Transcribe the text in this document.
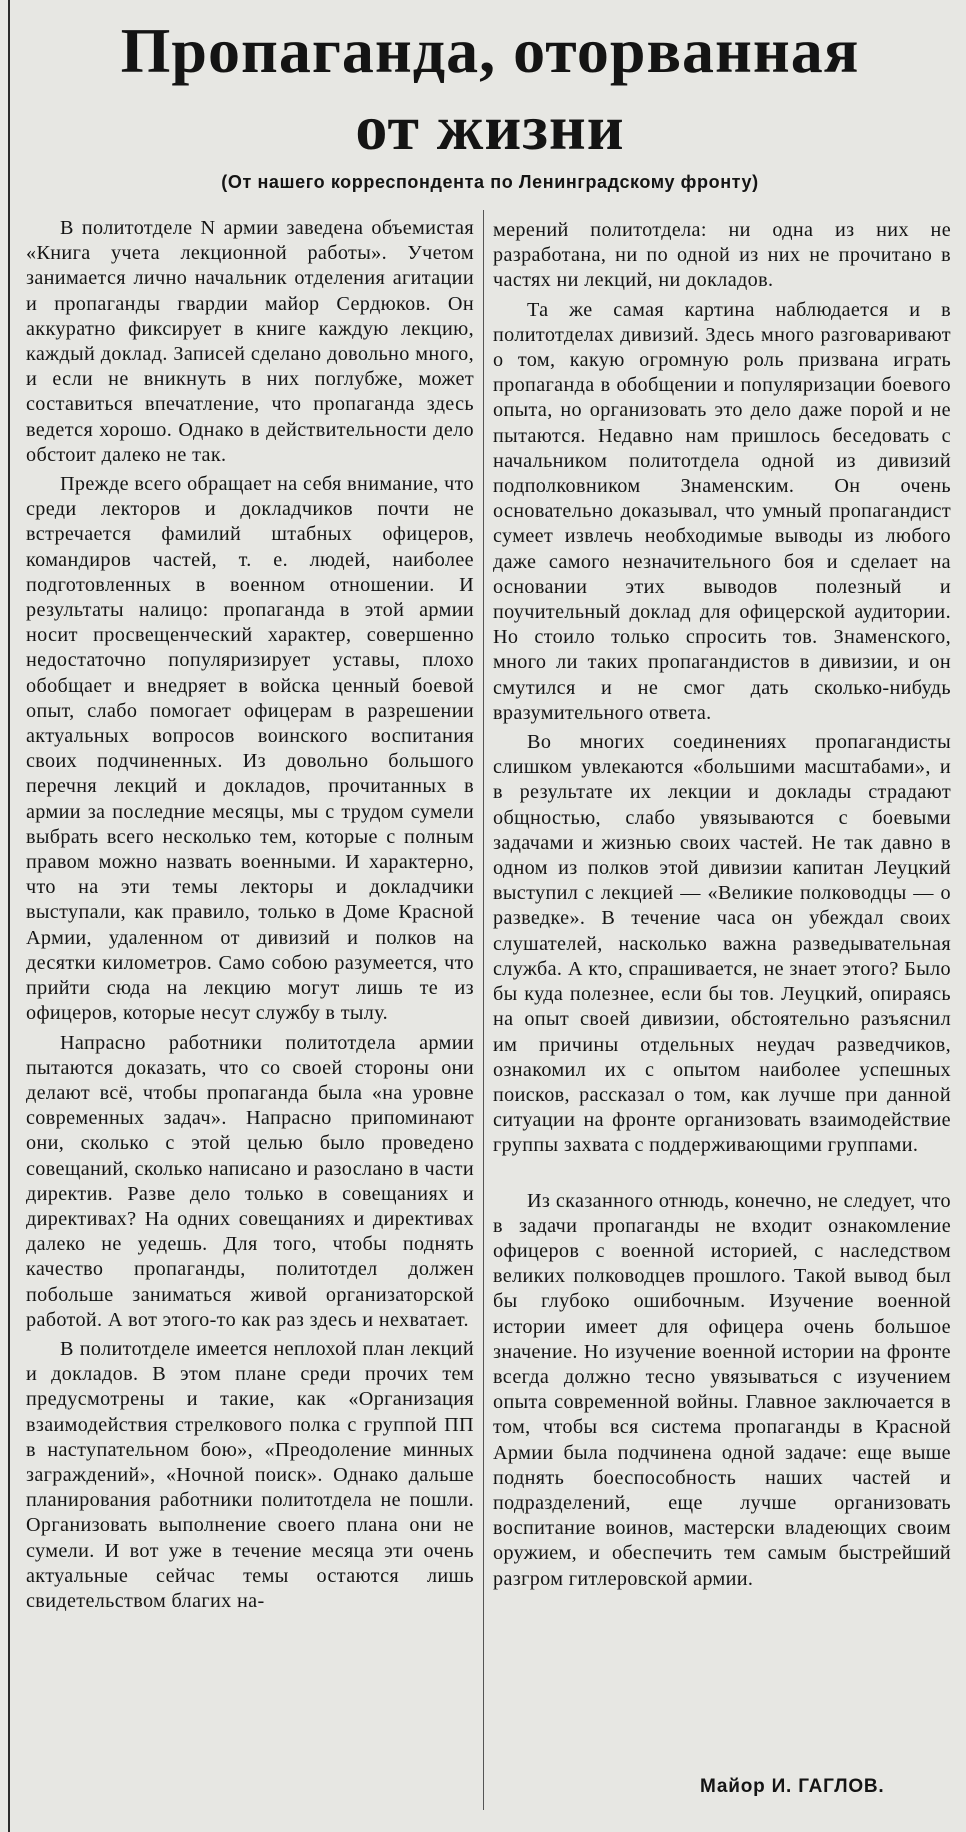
Пропаганда, оторванная
от жизни
(От нашего корреспондента по Ленинградскому фронту)

В политотделе N армии заведена объемистая «Книга учета лекционной работы». Учетом занимается лично начальник отделения агитации и пропаганды гвардии майор Сердюков. Он аккуратно фиксирует в книге каждую лекцию, каждый доклад. Записей сделано довольно много, и если не вникнуть в них поглубже, может составиться впечатление, что пропаганда здесь ведется хорошо. Однако в действительности дело обстоит далеко не так.

Прежде всего обращает на себя внимание, что среди лекторов и докладчиков почти не встречается фамилий штабных офицеров, командиров частей, т. е. людей, наиболее подготовленных в военном отношении. И результаты налицо: пропаганда в этой армии носит просвещенческий характер, совершенно недостаточно популяризирует уставы, плохо обобщает и внедряет в войска ценный боевой опыт, слабо помогает офицерам в разрешении актуальных вопросов воинского воспитания своих подчиненных. Из довольно большого перечня лекций и докладов, прочитанных в армии за последние месяцы, мы с трудом сумели выбрать всего несколько тем, которые с полным правом можно назвать военными. И характерно, что на эти темы лекторы и докладчики выступали, как правило, только в Доме Красной Армии, удаленном от дивизий и полков на десятки километров. Само собою разумеется, что прийти сюда на лекцию могут лишь те из офицеров, которые несут службу в тылу.

Напрасно работники политотдела армии пытаются доказать, что со своей стороны они делают всё, чтобы пропаганда была «на уровне современных задач». Напрасно припоминают они, сколько с этой целью было проведено совещаний, сколько написано и разослано в части директив. Разве дело только в совещаниях и директивах? На одних совещаниях и директивах далеко не уедешь. Для того, чтобы поднять качество пропаганды, политотдел должен побольше заниматься живой организаторской работой. А вот этого-то как раз здесь и нехватает.

В политотделе имеется неплохой план лекций и докладов. В этом плане среди прочих тем предусмотрены и такие, как «Организация взаимодействия стрелкового полка с группой ПП в наступательном бою», «Преодоление минных заграждений», «Ночной поиск». Однако дальше планирования работники политотдела не пошли. Организовать выполнение своего плана они не сумели. И вот уже в течение месяца эти очень актуальные сейчас темы остаются лишь свидетельством благих на-

мерений политотдела: ни одна из них не разработана, ни по одной из них не прочитано в частях ни лекций, ни докладов.

Та же самая картина наблюдается и в политотделах дивизий. Здесь много разговаривают о том, какую огромную роль призвана играть пропаганда в обобщении и популяризации боевого опыта, но организовать это дело даже порой и не пытаются. Недавно нам пришлось беседовать с начальником политотдела одной из дивизий подполковником Знаменским. Он очень основательно доказывал, что умный пропагандист сумеет извлечь необходимые выводы из любого даже самого незначительного боя и сделает на основании этих выводов полезный и поучительный доклад для офицерской аудитории. Но стоило только спросить тов. Знаменского, много ли таких пропагандистов в дивизии, и он смутился и не смог дать сколько-нибудь вразумительного ответа.

Во многих соединениях пропагандисты слишком увлекаются «большими масштабами», и в результате их лекции и доклады страдают общностью, слабо увязываются с боевыми задачами и жизнью своих частей. Не так давно в одном из полков этой дивизии капитан Леуцкий выступил с лекцией — «Великие полководцы — о разведке». В течение часа он убеждал своих слушателей, насколько важна разведывательная служба. А кто, спрашивается, не знает этого? Было бы куда полезнее, если бы тов. Леуцкий, опираясь на опыт своей дивизии, обстоятельно разъяснил им причины отдельных неудач разведчиков, ознакомил их с опытом наиболее успешных поисков, рассказал о том, как лучше при данной ситуации на фронте организовать взаимодействие группы захвата с поддерживающими группами.

Из сказанного отнюдь, конечно, не следует, что в задачи пропаганды не входит ознакомление офицеров с военной историей, с наследством великих полководцев прошлого. Такой вывод был бы глубоко ошибочным. Изучение военной истории имеет для офицера очень большое значение. Но изучение военной истории на фронте всегда должно тесно увязываться с изучением опыта современной войны. Главное заключается в том, чтобы вся система пропаганды в Красной Армии была подчинена одной задаче: еще выше поднять боеспособность наших частей и подразделений, еще лучше организовать воспитание воинов, мастерски владеющих своим оружием, и обеспечить тем самым быстрейший разгром гитлеровской армии.

Майор И. ГАГЛОВ.
